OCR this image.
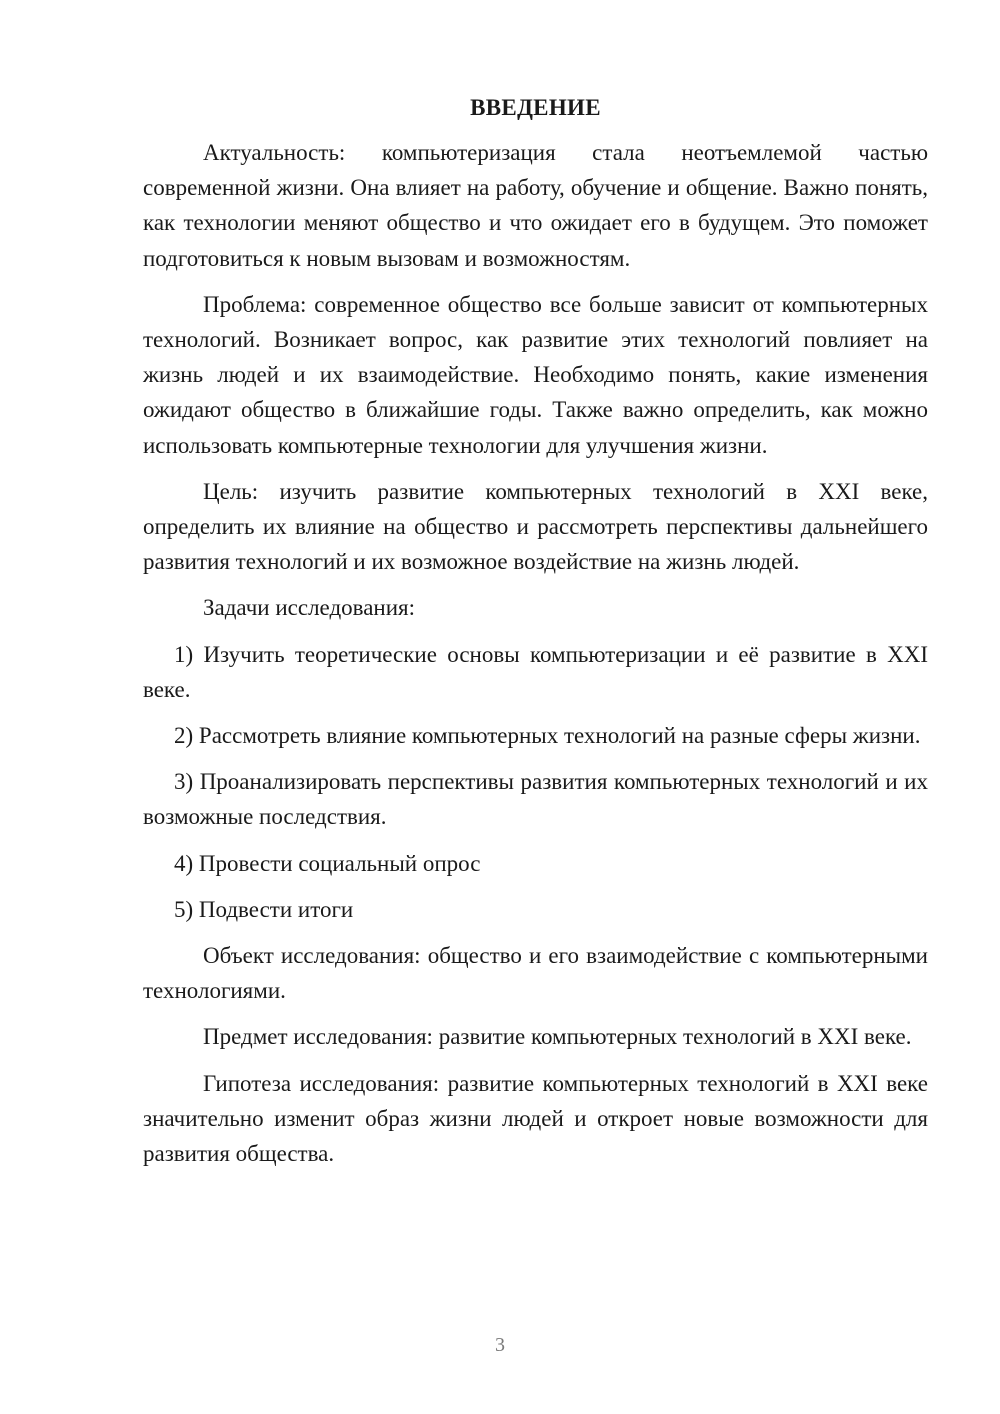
ВВЕДЕНИЕ

Актуальность: компьютеризация стала неотъемлемой частью современной жизни. Она влияет на работу, обучение и общение. Важно понять, как технологии меняют общество и что ожидает его в будущем. Это поможет подготовиться к новым вызовам и возможностям.

Проблема: современное общество все больше зависит от компьютерных технологий. Возникает вопрос, как развитие этих технологий повлияет на жизнь людей и их взаимодействие. Необходимо понять, какие изменения ожидают общество в ближайшие годы. Также важно определить, как можно использовать компьютерные технологии для улучшения жизни.

Цель: изучить развитие компьютерных технологий в XXI веке, определить их влияние на общество и рассмотреть перспективы дальнейшего развития технологий и их возможное воздействие на жизнь людей.

Задачи исследования:

1) Изучить теоретические основы компьютеризации и её развитие в XXI веке.

2) Рассмотреть влияние компьютерных технологий на разные сферы жизни.

3) Проанализировать перспективы развития компьютерных технологий и их возможные последствия.

4) Провести социальный опрос

5) Подвести итоги

Объект исследования: общество и его взаимодействие с компьютерными технологиями.

Предмет исследования: развитие компьютерных технологий в XXI веке.

Гипотеза исследования: развитие компьютерных технологий в XXI веке значительно изменит образ жизни людей и откроет новые возможности для развития общества.

3
